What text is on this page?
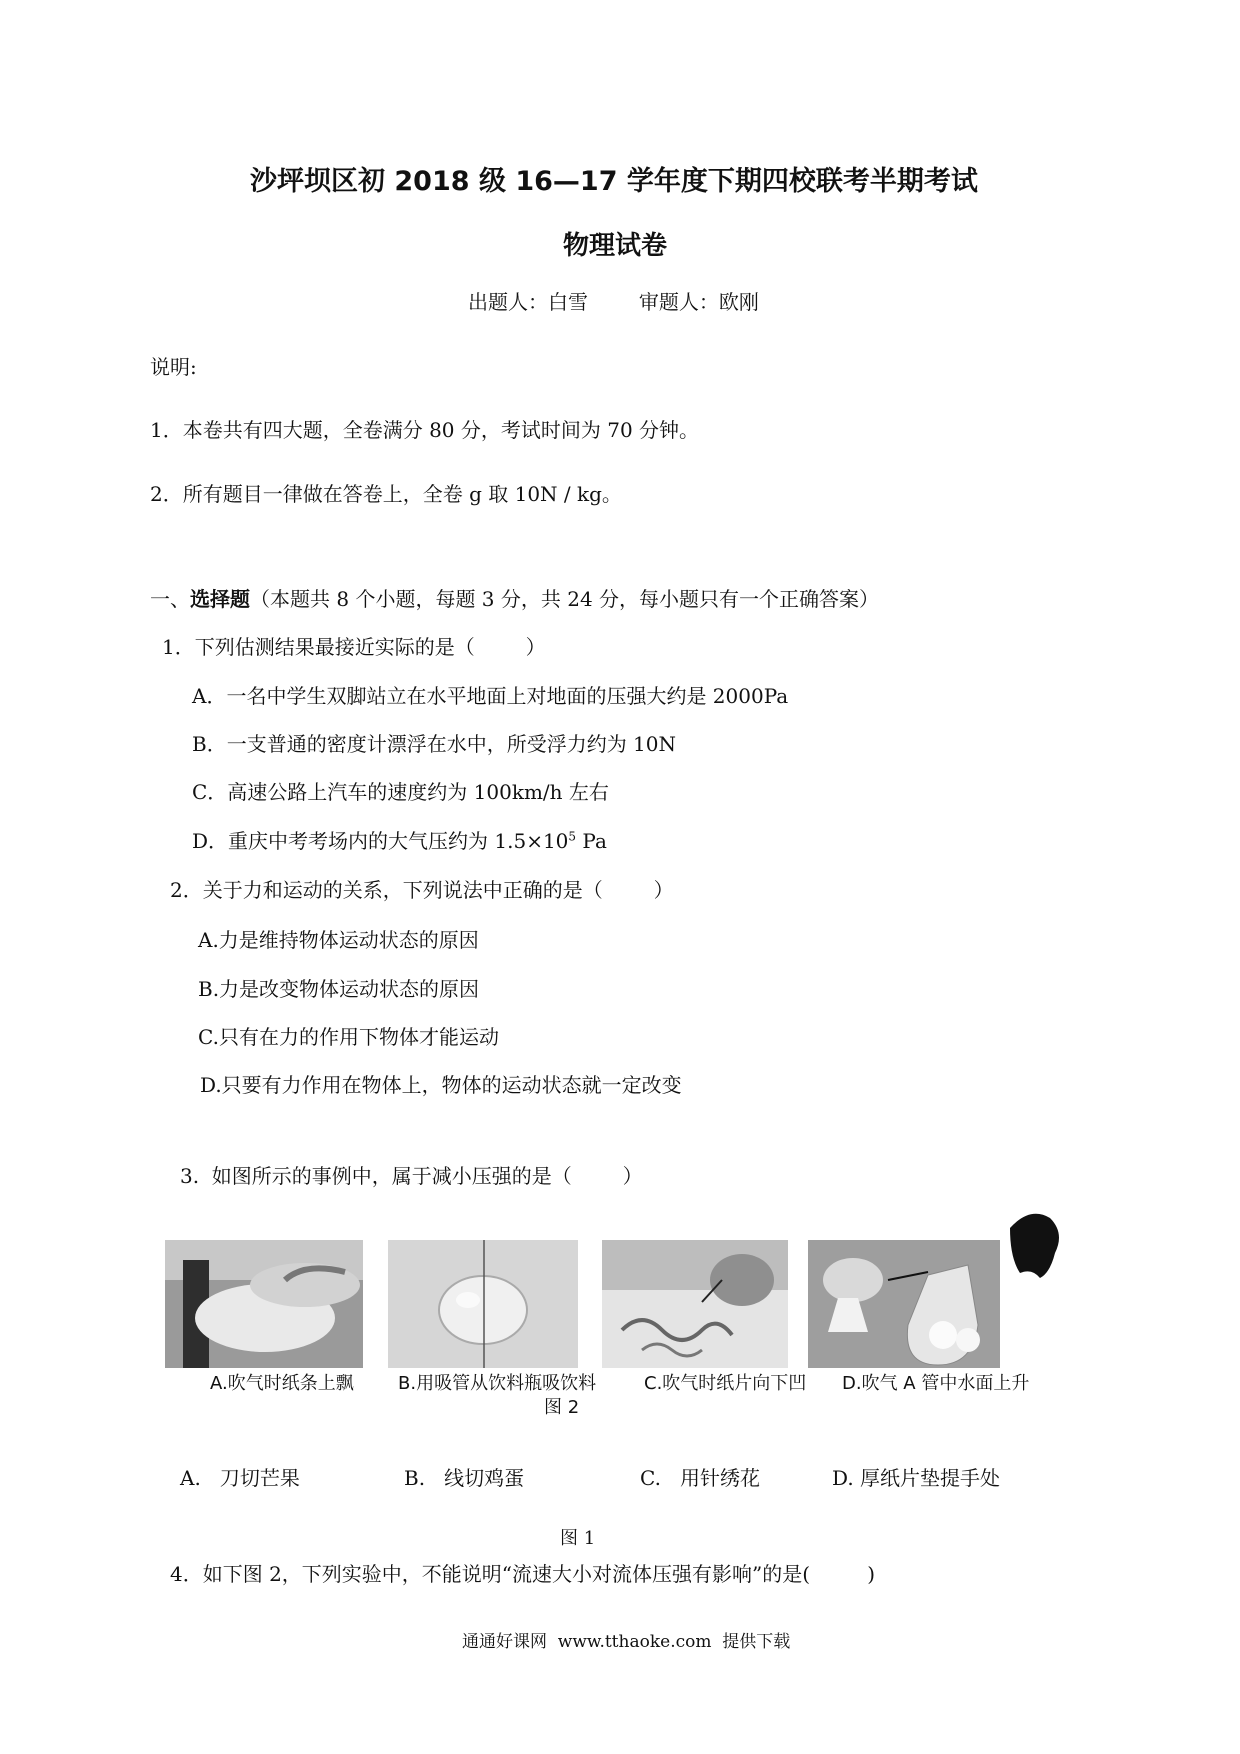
沙坪坝区初 2018 级 16—17 学年度下期四校联考半期考试
物理试卷
出题人：白雪        审题人：欧刚
说明:
1．本卷共有四大题，全卷满分 80 分，考试时间为 70 分钟。
2．所有题目一律做在答卷上，全卷 g 取 10N / kg。
一、选择题（本题共 8 个小题，每题 3 分，共 24 分，每小题只有一个正确答案）
1．下列估测结果最接近实际的是（        ）
A．一名中学生双脚站立在水平地面上对地面的压强大约是 2000Pa
B．一支普通的密度计漂浮在水中，所受浮力约为 10N
C．高速公路上汽车的速度约为 100km/h 左右
D．重庆中考考场内的大气压约为 $1.5\times 10^5$ Pa
2．关于力和运动的关系，下列说法中正确的是（        ）
A.力是维持物体运动状态的原因
B.力是改变物体运动状态的原因
C.只有在力的作用下物体才能运动
D.只要有力作用在物体上，物体的运动状态就一定改变
3.  如图所示的事例中，属于减小压强的是（        ）
A.吹气时纸条上飘 B.用吸管从饮料瓶吸饮料	C.吹气时纸片向下凹 D.吹气 A 管中水面上升
图 2
A.   刀切芒果	B.   线切鸡蛋	C.   用针绣花	D. 厚纸片垫提手处
图 1
4．如下图 2，下列实验中，不能说明“流速大小对流体压强有影响”的是(         )
通通好课网  www.tthaoke.com  提供下载
